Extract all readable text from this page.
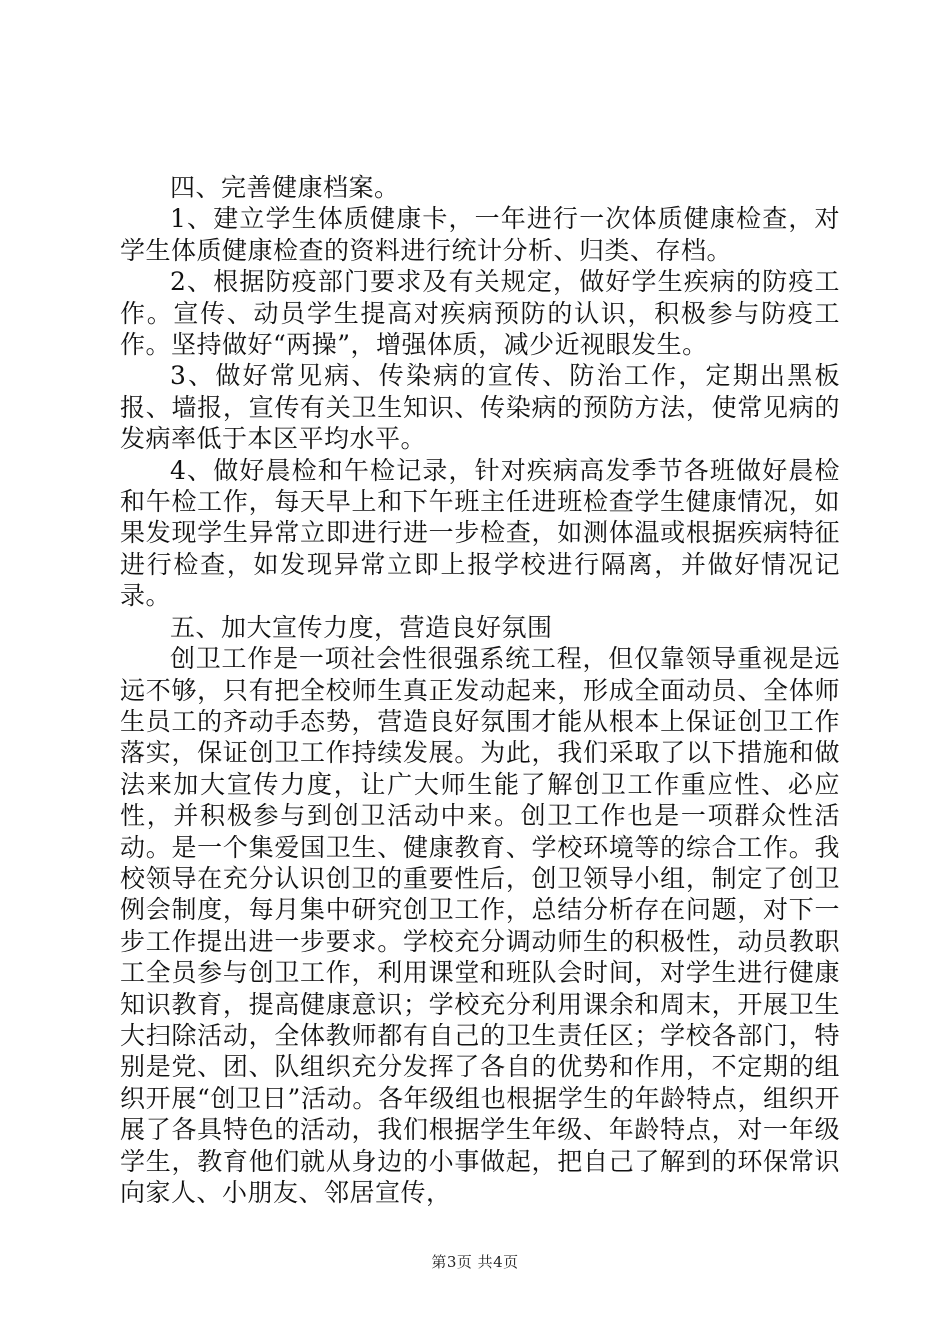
四、完善健康档案。

1、建立学生体质健康卡，一年进行一次体质健康检查，对学生体质健康检查的资料进行统计分析、归类、存档。

2、根据防疫部门要求及有关规定，做好学生疾病的防疫工作。宣传、动员学生提高对疾病预防的认识，积极参与防疫工作。坚持做好“两操”，增强体质，减少近视眼发生。

3、做好常见病、传染病的宣传、防治工作，定期出黑板报、墙报，宣传有关卫生知识、传染病的预防方法，使常见病的发病率低于本区平均水平。

4、做好晨检和午检记录，针对疾病高发季节各班做好晨检和午检工作，每天早上和下午班主任进班检查学生健康情况，如果发现学生异常立即进行进一步检查，如测体温或根据疾病特征进行检查，如发现异常立即上报学校进行隔离，并做好情况记录。

五、加大宣传力度，营造良好氛围

创卫工作是一项社会性很强系统工程，但仅靠领导重视是远远不够，只有把全校师生真正发动起来，形成全面动员、全体师生员工的齐动手态势，营造良好氛围才能从根本上保证创卫工作落实，保证创卫工作持续发展。为此，我们采取了以下措施和做法来加大宣传力度，让广大师生能了解创卫工作重应性、必应性，并积极参与到创卫活动中来。创卫工作也是一项群众性活动。是一个集爱国卫生、健康教育、学校环境等的综合工作。我校领导在充分认识创卫的重要性后，创卫领导小组，制定了创卫例会制度，每月集中研究创卫工作，总结分析存在问题，对下一步工作提出进一步要求。学校充分调动师生的积极性，动员教职工全员参与创卫工作，利用课堂和班队会时间，对学生进行健康知识教育，提高健康意识；学校充分利用课余和周末，开展卫生大扫除活动，全体教师都有自己的卫生责任区；学校各部门，特别是党、团、队组织充分发挥了各自的优势和作用，不定期的组织开展“创卫日”活动。各年级组也根据学生的年龄特点，组织开展了各具特色的活动，我们根据学生年级、年龄特点，对一年级学生，教育他们就从身边的小事做起，把自己了解到的环保常识向家人、小朋友、邻居宣传，

第3页 共4页
